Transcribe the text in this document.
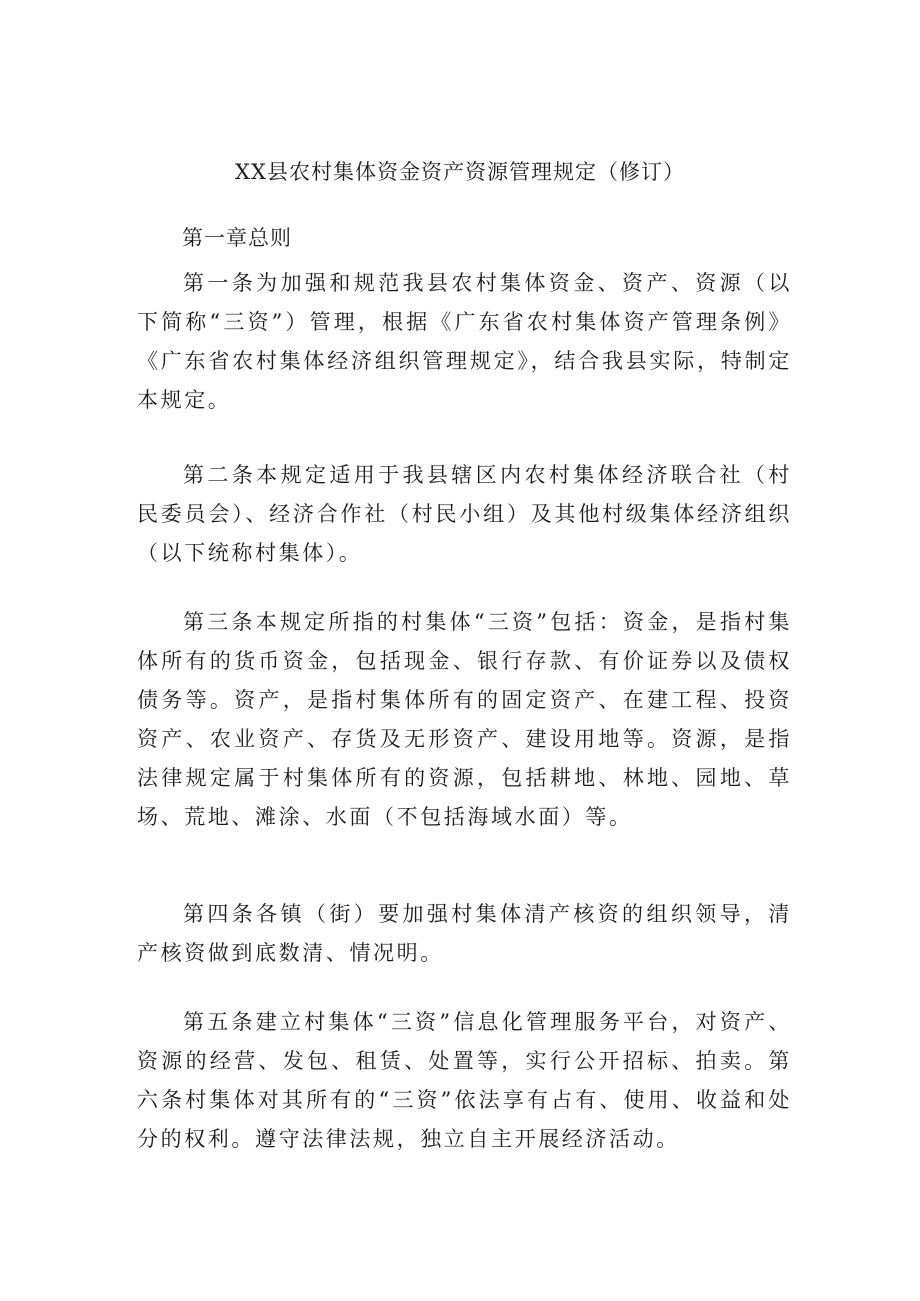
XX县农村集体资金资产资源管理规定（修订）
第一章总则

第一条为加强和规范我县农村集体资金、资产、资源（以下简称“三资”）管理，根据《广东省农村集体资产管理条例》《广东省农村集体经济组织管理规定》，结合我县实际，特制定本规定。

第二条本规定适用于我县辖区内农村集体经济联合社（村民委员会）、经济合作社（村民小组）及其他村级集体经济组织（以下统称村集体）。

第三条本规定所指的村集体“三资”包括：资金，是指村集体所有的货币资金，包括现金、银行存款、有价证券以及债权债务等。资产，是指村集体所有的固定资产、在建工程、投资资产、农业资产、存货及无形资产、建设用地等。资源，是指法律规定属于村集体所有的资源，包括耕地、林地、园地、草场、荒地、滩涂、水面（不包括海域水面）等。

第四条各镇（街）要加强村集体清产核资的组织领导，清产核资做到底数清、情况明。

第五条建立村集体“三资”信息化管理服务平台，对资产、资源的经营、发包、租赁、处置等，实行公开招标、拍卖。第六条村集体对其所有的“三资”依法享有占有、使用、收益和处分的权利。遵守法律法规，独立自主开展经济活动。
